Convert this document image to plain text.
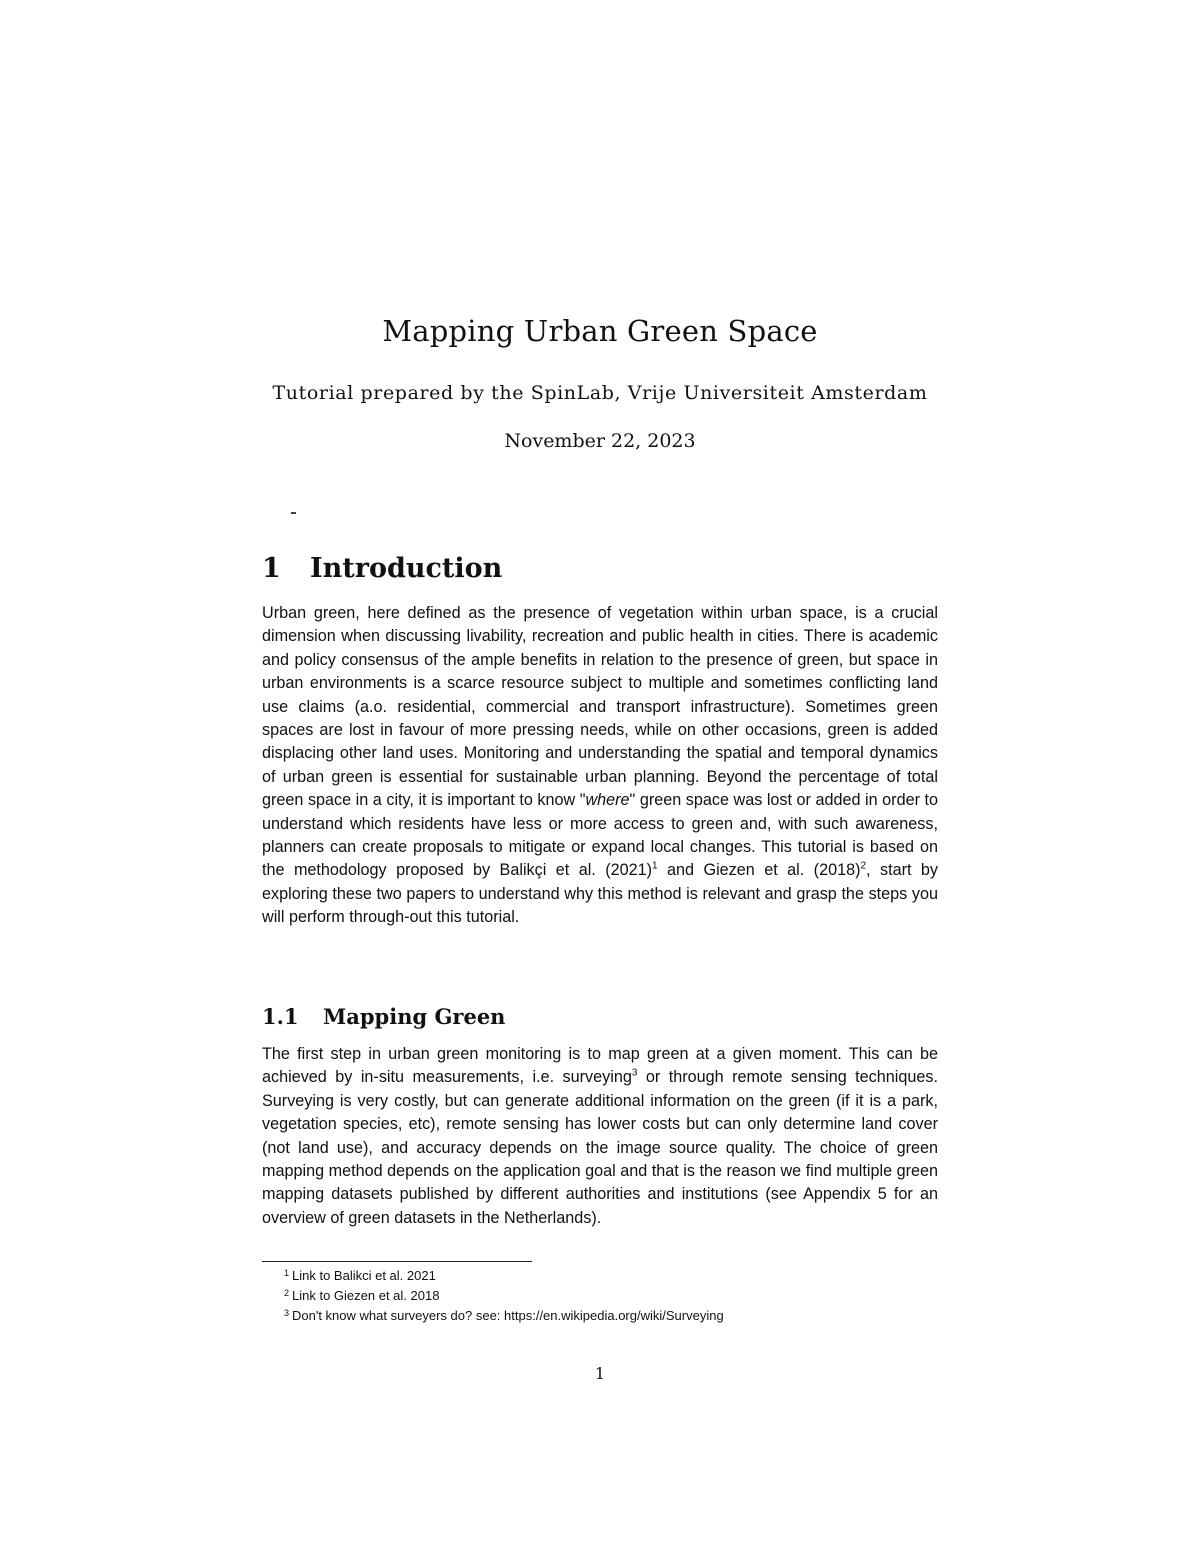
Mapping Urban Green Space
Tutorial prepared by the SpinLab, Vrije Universiteit Amsterdam
November 22, 2023
1	Introduction

Urban green, here defined as the presence of vegetation within urban space, is a crucial dimension when discussing livability, recreation and public health in cities. There is academic and policy consensus of the ample benefits in relation to the presence of green, but space in urban environments is a scarce resource subject to multiple and sometimes conflicting land use claims (a.o. residential, commercial and transport infrastructure). Sometimes green spaces are lost in favour of more pressing needs, while on other occasions, green is added displacing other land uses. Monitoring and understanding the spatial and temporal dynamics of urban green is essential for sustainable urban planning. Beyond the percentage of total green space in a city, it is important to know "where" green space was lost or added in order to understand which residents have less or more access to green and, with such awareness, planners can create proposals to mitigate or expand local changes. This tutorial is based on the methodology proposed by Balikçi et al. $(2021)^1$ and Giezen et al. $(2018)^2$, start by exploring these two papers to understand why this method is relevant and grasp the steps you will perform through-out this tutorial.

1.1	Mapping Green

The first step in urban green monitoring is to map green at a given moment. This can be achieved by in-situ measurements, i.e. surveying$^3$ or through remote sensing techniques. Surveying is very costly, but can generate additional information on the green (if it is a park, vegetation species, etc), remote sensing has lower costs but can only determine land cover (not land use), and accuracy depends on the image source quality. The choice of green mapping method depends on the application goal and that is the reason we find multiple green mapping datasets published by different authorities and institutions (see Appendix 5 for an overview of green datasets in the Netherlands).

1 Link to Balikci et al. 2021
2 Link to Giezen et al. 2018
3 Don't know what surveyers do? see: https://en.wikipedia.org/wiki/Surveying
1
